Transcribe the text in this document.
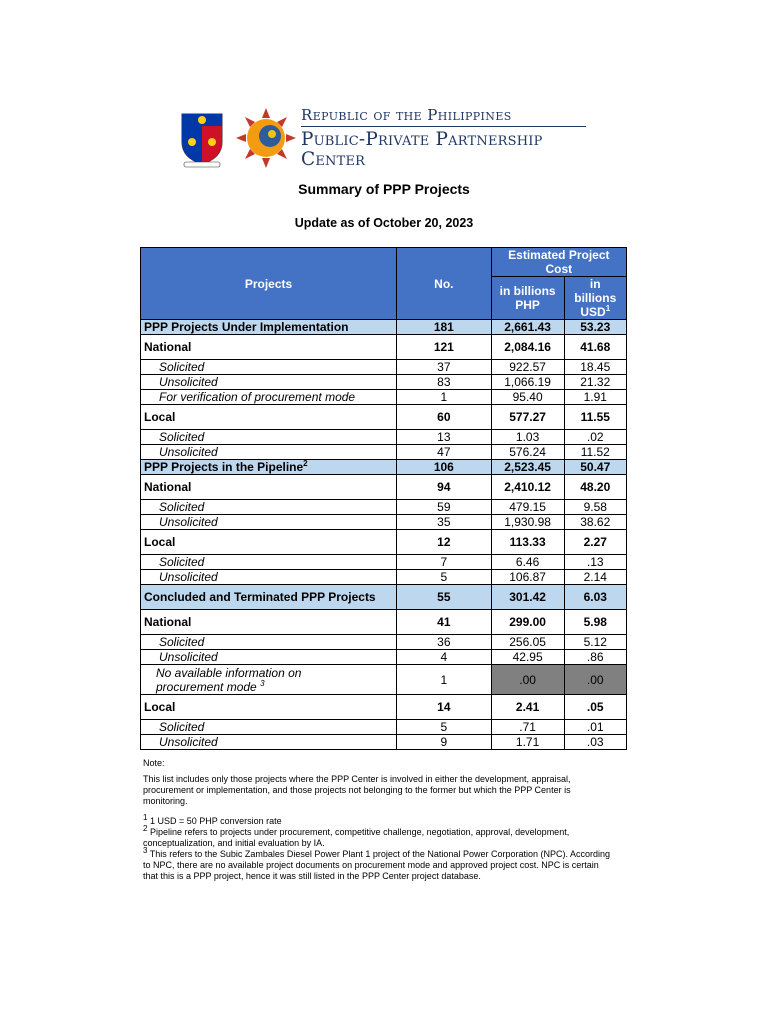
Republic of the Philippines
Public-Private Partnership
Center
Summary of PPP Projects
Update as of October 20, 2023
Projects	No.	Estimated Project Cost	
		in billions PHP	in billions USD$^1$
PPP Projects Under Implementation	181	2,661.43	53.23
National	121	2,084.16	41.68
Solicited	37	922.57	18.45
Unsolicited	83	1,066.19	21.32
For verification of procurement mode	1	95.40	1.91
Local	60	577.27	11.55
Solicited	13	1.03	.02
Unsolicited	47	576.24	11.52
PPP Projects in the Pipeline$^2$	106	2,523.45	50.47
National	94	2,410.12	48.20
Solicited	59	479.15	9.58
Unsolicited	35	1,930.98	38.62
Local	12	113.33	2.27
Solicited	7	6.46	.13
Unsolicited	5	106.87	2.14
Concluded and Terminated PPP Projects	55	301.42	6.03
National	41	299.00	5.98
Solicited	36	256.05	5.12
Unsolicited	4	42.95	.86

No available information on
procurement mode $^3$	1	.00	.00
Local	14	2.41	.05
Solicited	5	.71	.01
Unsolicited	9	1.71	.03

Note:

This list includes only those projects where the PPP Center is involved in either the development, appraisal, procurement or implementation, and those projects not belonging to the former but which the PPP Center is monitoring.

$^1$ 1 USD = 50 PHP conversion rate

$^2$ Pipeline refers to projects under procurement, competitive challenge, negotiation, approval, development, conceptualization, and initial evaluation by IA.

$^3$ This refers to the Subic Zambales Diesel Power Plant 1 project of the National Power Corporation (NPC). According to NPC, there are no available project documents on procurement mode and approved project cost. NPC is certain that this is a PPP project, hence it was still listed in the PPP Center project database.
